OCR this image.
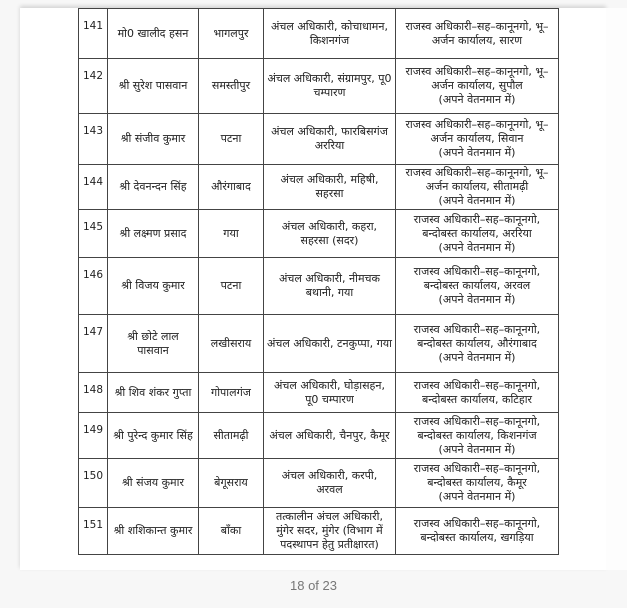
141	मो0 खालीद हसन	भागलपुर	अंचल अधिकारी, कोचाधामन, किशनगंज	राजस्व अधिकारी–सह–कानूनगो, भू–अर्जन कार्यालय, सारण

142	श्री सुरेश पासवान	समस्तीपुर	अंचल अधिकारी, संग्रामपुर, पू0 चम्पारण	राजस्व अधिकारी–सह–कानूनगो, भू–अर्जन कार्यालय, सुपौल
(अपने वेतनमान में)

143	श्री संजीव कुमार	पटना	अंचल अधिकारी, फारबिसगंज अररिया	राजस्व अधिकारी–सह–कानूनगो, भू–अर्जन कार्यालय, सिवान
(अपने वेतनमान में)

144	श्री देवनन्दन सिंह	औरंगाबाद	अंचल अधिकारी, महिषी, सहरसा	राजस्व अधिकारी–सह–कानूनगो, भू–अर्जन कार्यालय, सीतामढ़ी
(अपने वेतनमान में)

145	श्री लक्ष्मण प्रसाद	गया	अंचल अधिकारी, कहरा, सहरसा (सदर)	राजस्व अधिकारी–सह–कानूनगो, बन्दोबस्त कार्यालय, अररिया
(अपने वेतनमान में)

146	श्री विजय कुमार	पटना	अंचल अधिकारी, नीमचक बथानी, गया	राजस्व अधिकारी–सह–कानूनगो, बन्दोबस्त कार्यालय, अरवल
(अपने वेतनमान में)

147	श्री छोटे लाल पासवान	लखीसराय	अंचल अधिकारी, टनकुप्पा, गया	राजस्व अधिकारी–सह–कानूनगो, बन्दोबस्त कार्यालय, औरंगाबाद
(अपने वेतनमान में)

148	श्री शिव शंकर गुप्ता	गोपालगंज	अंचल अधिकारी, घोड़ासहन, पू0 चम्पारण	राजस्व अधिकारी–सह–कानूनगो, बन्दोबस्त कार्यालय, कटिहार

149	श्री पुरेन्द कुमार सिंह	सीतामढ़ी	अंचल अधिकारी, चैनपुर, कैमूर	राजस्व अधिकारी–सह–कानूनगो, बन्दोबस्त कार्यालय, किशनगंज
(अपने वेतनमान में)

150	श्री संजय कुमार	बेगूसराय	अंचल अधिकारी, करपी, अरवल	राजस्व अधिकारी–सह–कानूनगो, बन्दोबस्त कार्यालय, कैमूर
(अपने वेतनमान में)

151	श्री शशिकान्त कुमार	बाँका	तत्कालीन अंचल अधिकारी, मुंगेर सदर, मुंगेर (विभाग में पदस्थापन हेतु प्रतीक्षारत)	राजस्व अधिकारी–सह–कानूनगो, बन्दोबस्त कार्यालय, खगड़िया
18 of 23
